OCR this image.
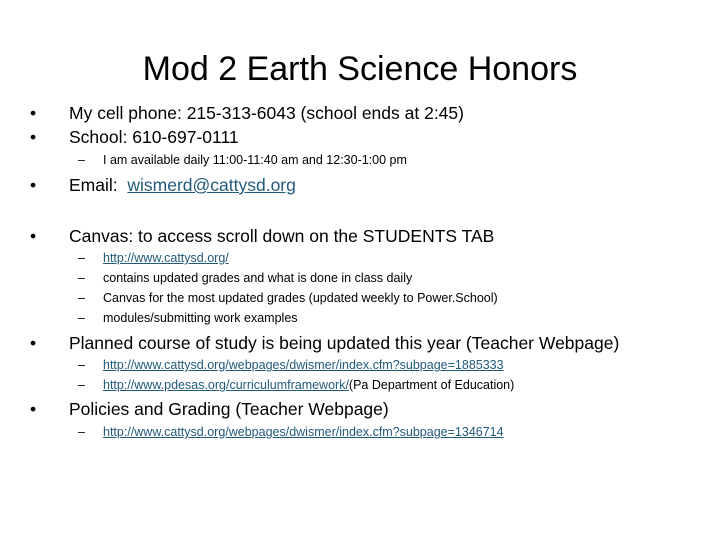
Mod 2 Earth Science Honors
• My cell phone: 215-313-6043 (school ends at 2:45)
• School: 610-697-0111
– I am available daily 11:00-11:40 am and 12:30-1:00 pm
• Email:  wismerd@cattysd.org
• Canvas: to access scroll down on the STUDENTS TAB
– http://www.cattysd.org/
– contains updated grades and what is done in class daily
– Canvas for the most updated grades (updated weekly to Power.School)
– modules/submitting work examples
• Planned course of study is being updated this year (Teacher Webpage)
– http://www.cattysd.org/webpages/dwismer/index.cfm?subpage=1885333
– http://www.pdesas.org/curriculumframework/(Pa Department of Education)
• Policies and Grading (Teacher Webpage)
– http://www.cattysd.org/webpages/dwismer/index.cfm?subpage=1346714
